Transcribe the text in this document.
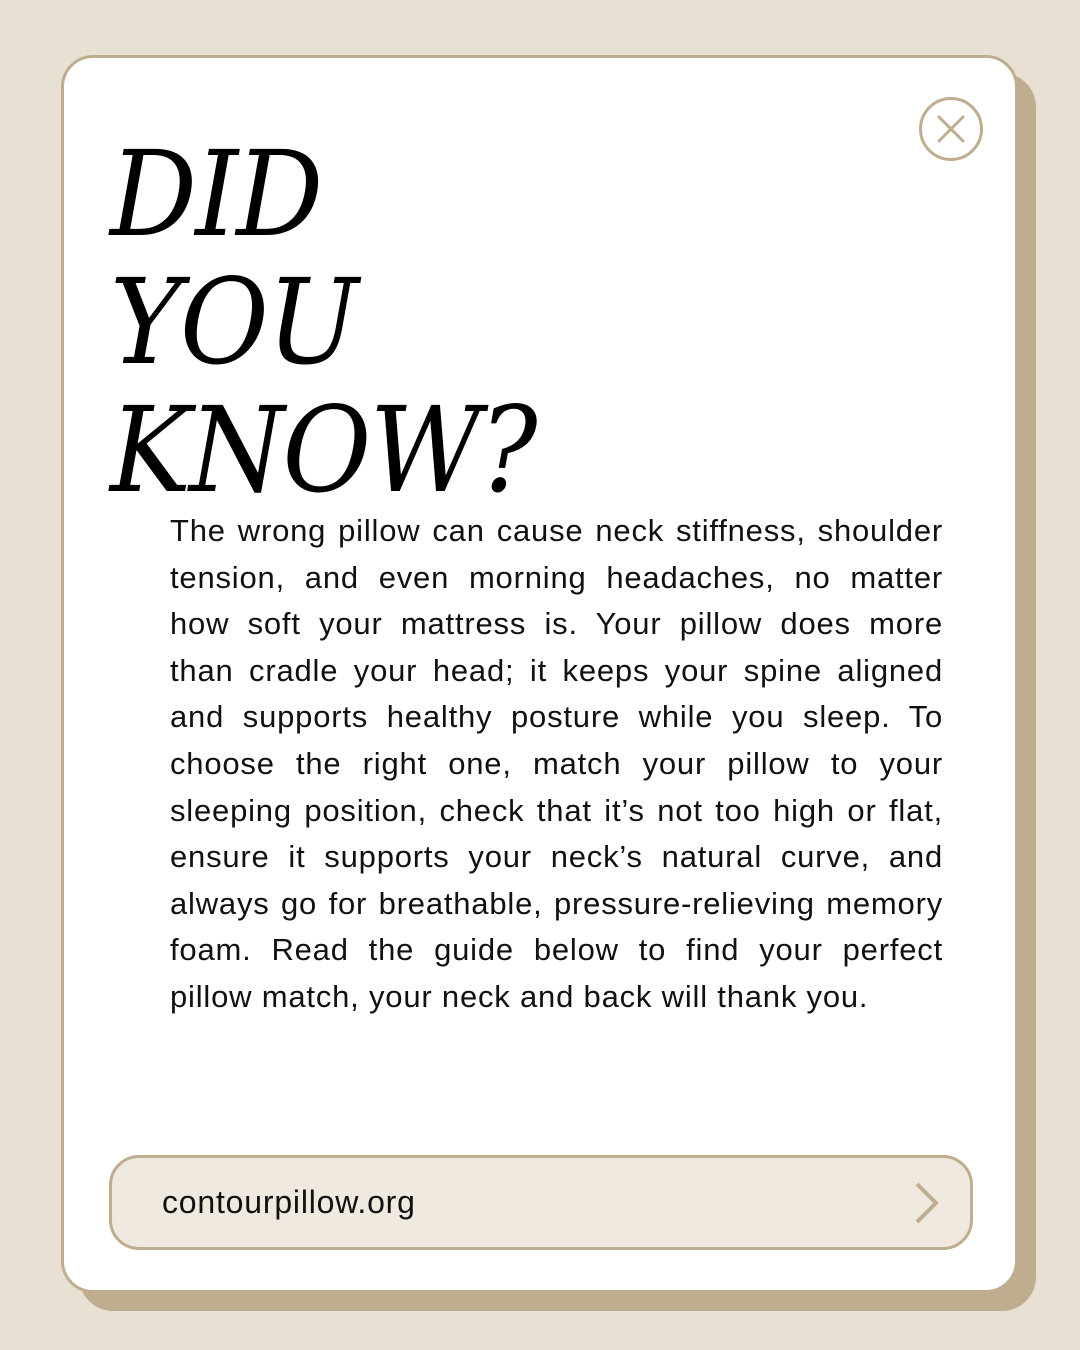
DID
YOU
KNOW?

The wrong pillow can cause neck stiffness, shoulder tension, and even morning headaches, no matter how soft your mattress is. Your pillow does more than cradle your head; it keeps your spine aligned and supports healthy posture while you sleep. To choose the right one, match your pillow to your sleeping position, check that it’s not too high or flat, ensure it supports your neck’s natural curve, and always go for breathable, pressure-relieving memory foam. Read the guide below to find your perfect pillow match, your neck and back will thank you.

contourpillow.org
